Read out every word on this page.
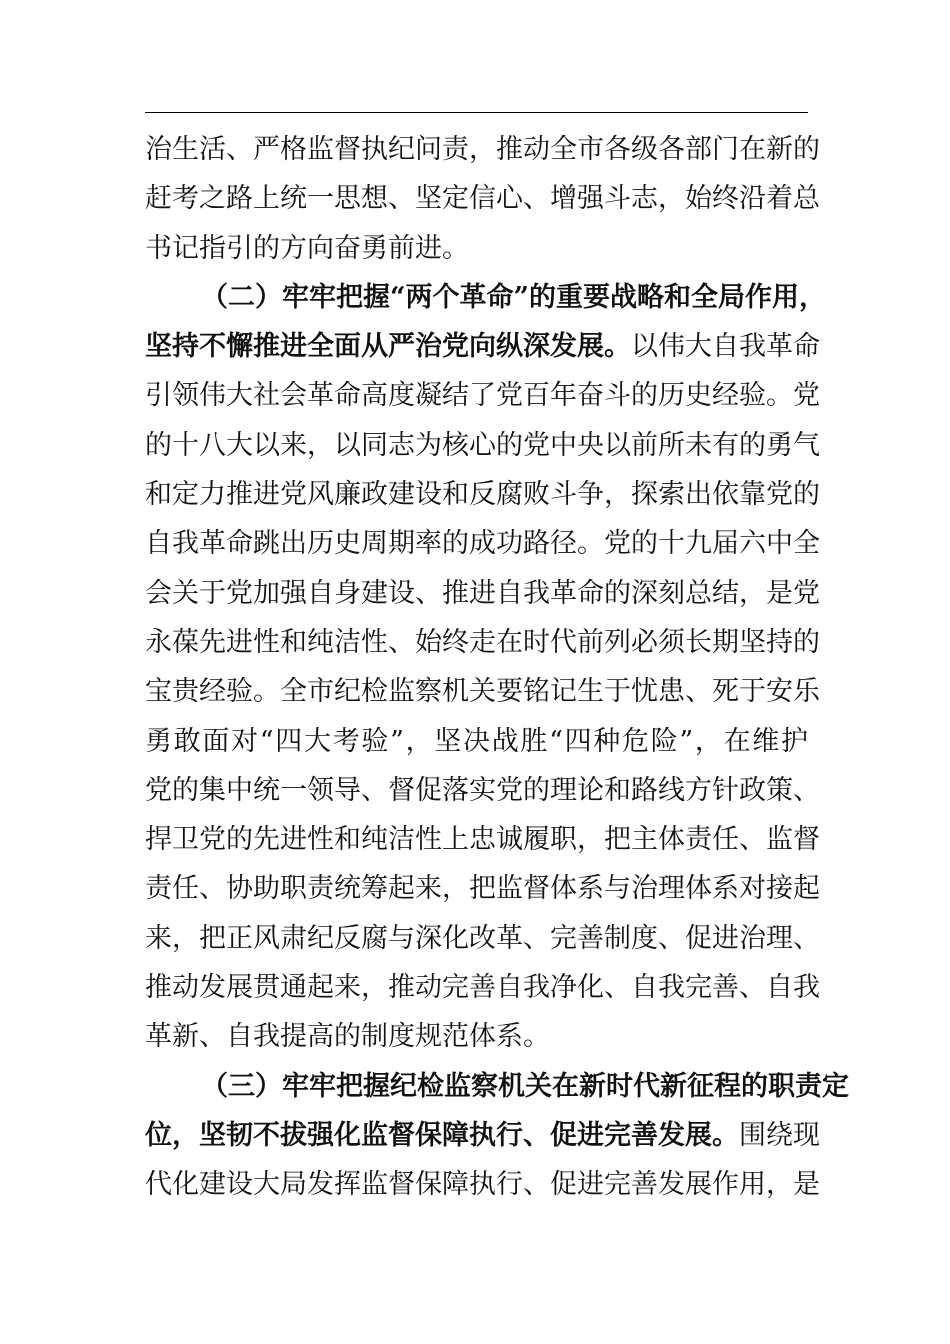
治生活、严格监督执纪问责，推动全市各级各部门在新的
赶考之路上统一思想、坚定信心、增强斗志，始终沿着总
书记指引的方向奋勇前进。
（二）牢牢把握“两个革命”的重要战略和全局作用，
坚持不懈推进全面从严治党向纵深发展。以伟大自我革命
引领伟大社会革命高度凝结了党百年奋斗的历史经验。党
的十八大以来，以同志为核心的党中央以前所未有的勇气
和定力推进党风廉政建设和反腐败斗争，探索出依靠党的
自我革命跳出历史周期率的成功路径。党的十九届六中全
会关于党加强自身建设、推进自我革命的深刻总结，是党
永葆先进性和纯洁性、始终走在时代前列必须长期坚持的
宝贵经验。全市纪检监察机关要铭记生于忧患、死于安乐
勇敢面对“四大考验”，坚决战胜“四种危险”，在维护
党的集中统一领导、督促落实党的理论和路线方针政策、
捍卫党的先进性和纯洁性上忠诚履职，把主体责任、监督
责任、协助职责统筹起来，把监督体系与治理体系对接起
来，把正风肃纪反腐与深化改革、完善制度、促进治理、
推动发展贯通起来，推动完善自我净化、自我完善、自我
革新、自我提高的制度规范体系。
（三）牢牢把握纪检监察机关在新时代新征程的职责定
位，坚韧不拔强化监督保障执行、促进完善发展。围绕现
代化建设大局发挥监督保障执行、促进完善发展作用，是
